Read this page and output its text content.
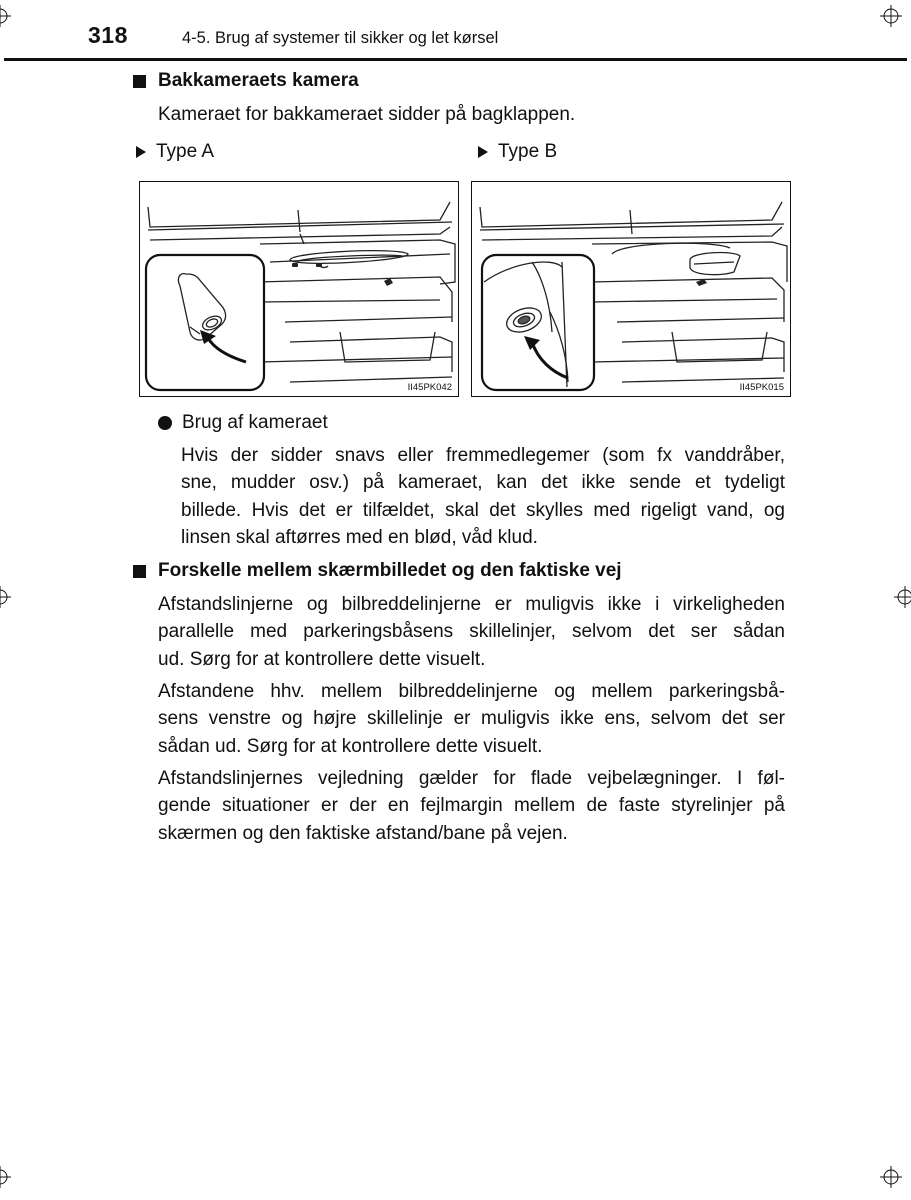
318	4-5. Brug af systemer til sikker og let kørsel
Bakkameraets kamera
Kameraet for bakkameraet sidder på bagklappen.
Type A	Type B
II45PK042	II45PK015
Brug af kameraet
Hvis der sidder snavs eller fremmedlegemer (som fx vanddråber,
sne, mudder osv.) på kameraet, kan det ikke sende et tydeligt
billede. Hvis det er tilfældet, skal det skylles med rigeligt vand, og
linsen skal aftørres med en blød, våd klud.
Forskelle mellem skærmbilledet og den faktiske vej
Afstandslinjerne og bilbreddelinjerne er muligvis ikke i virkeligheden
parallelle med parkeringsbåsens skillelinjer, selvom det ser sådan
ud. Sørg for at kontrollere dette visuelt.
Afstandene hhv. mellem bilbreddelinjerne og mellem parkeringsbå-
sens venstre og højre skillelinje er muligvis ikke ens, selvom det ser
sådan ud. Sørg for at kontrollere dette visuelt.
Afstandslinjernes vejledning gælder for flade vejbelægninger. I føl-
gende situationer er der en fejlmargin mellem de faste styrelinjer på
skærmen og den faktiske afstand/bane på vejen.
